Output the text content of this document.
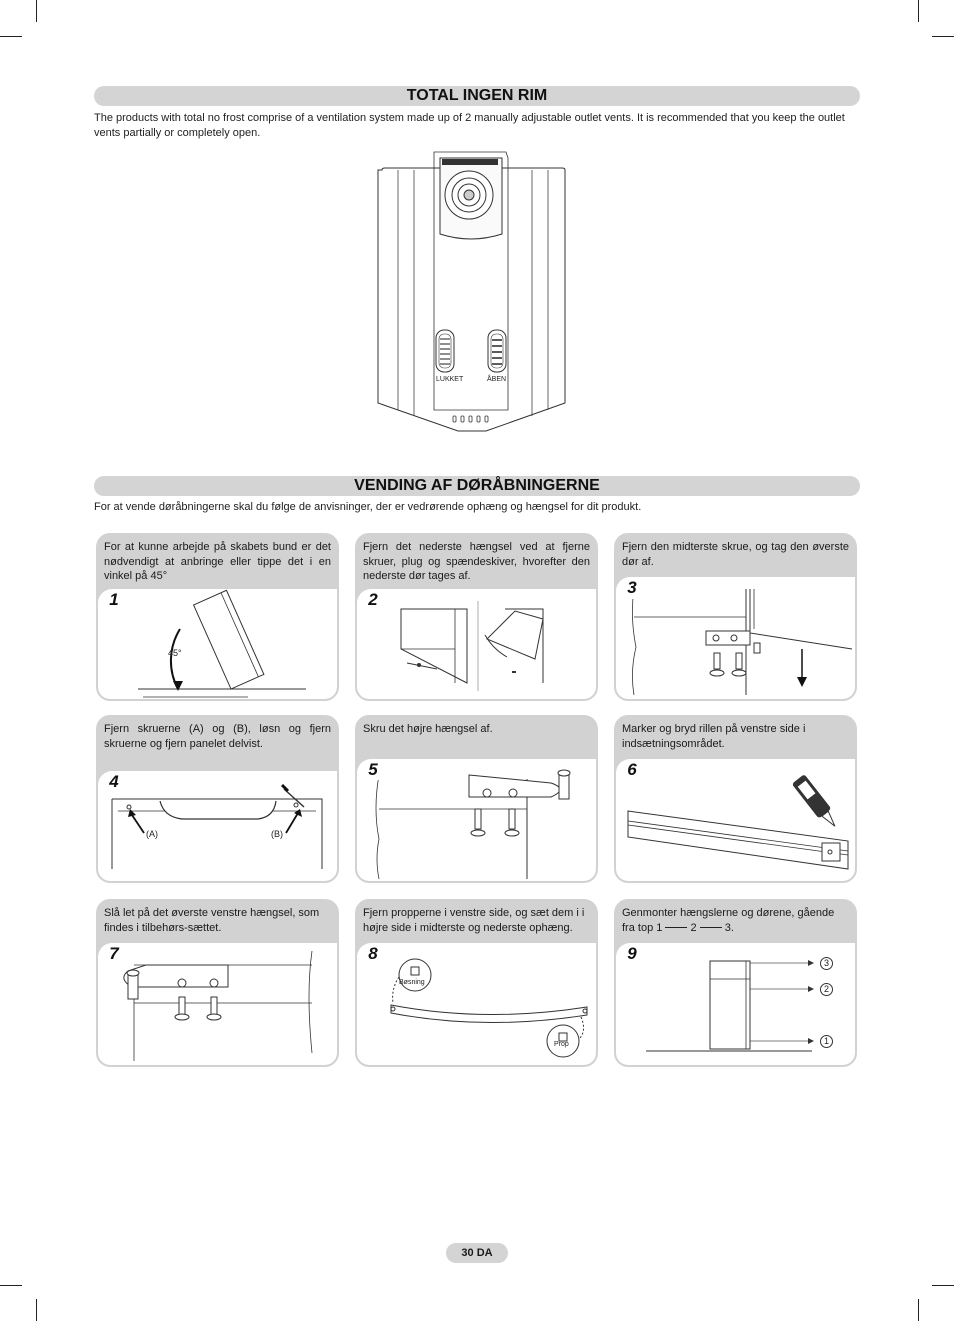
TOTAL INGEN RIM
The products with total no frost comprise of a ventilation system made up of 2 manually adjustable outlet vents. It is recommended that you keep the outlet vents partially or completely open.
LUKKET	ÅBEN
VENDING AF DØRÅBNINGERNE
For at vende døråbningerne skal du følge de anvisninger, der er vedrørende ophæng og hængsel for dit produkt.
For at kunne arbejde på skabets bund er det nødvendigt at anbringe eller tippe det i en vinkel på 45°
45°
1
Fjern det nederste hængsel ved at fjerne skruer, plug og spændeskiver, hvorefter den nederste dør tages af.
2
Fjern den midterste skrue, og tag den øverste dør af.
3
Fjern skruerne (A) og (B), løsn og fjern skruerne og fjern panelet delvist.
(A)	(B)
4
Skru det højre hængsel af.
5
Marker og bryd rillen på venstre side i indsætningsområdet.
6
Slå let på det øverste venstre hængsel, som findes i tilbehørs-sættet.
7
Fjern propperne i venstre side, og sæt dem i i højre side i midterste og nederste ophæng.
Bøsning
Prop
8
Genmonter hængslerne og dørene, gående fra top 1	2	3.
3
2
1
9
30 DA
